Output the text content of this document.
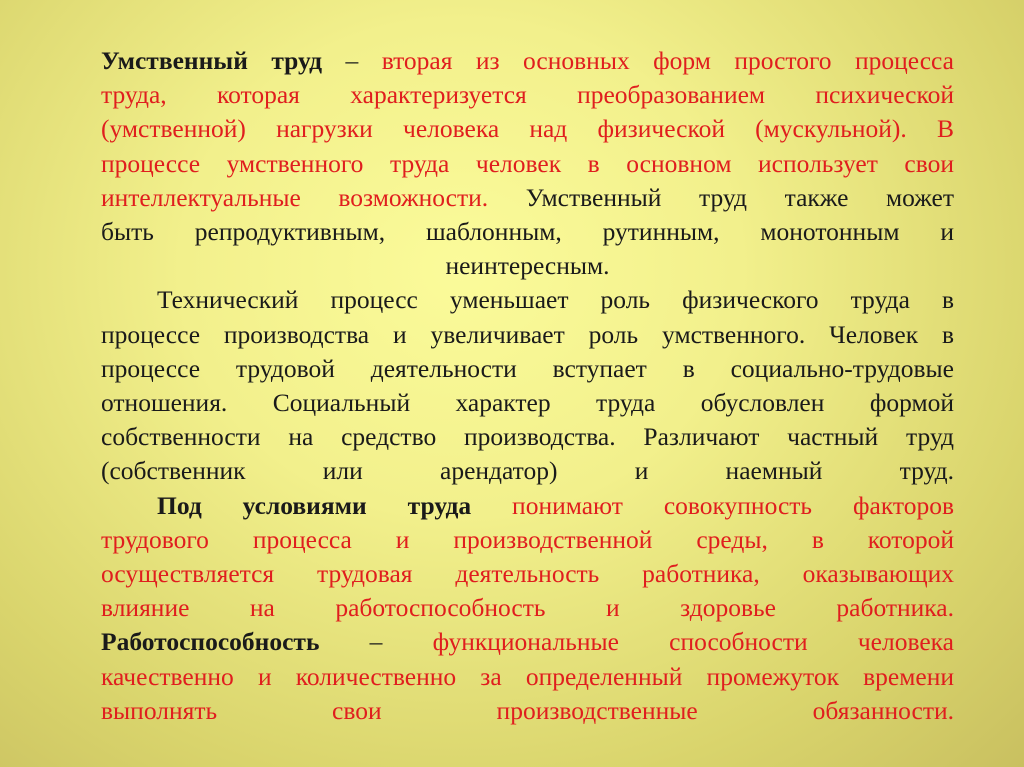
Умственный труд – вторая из основных форм простого процесса
труда, которая характеризуется преобразованием психической
(умственной) нагрузки человека над физической (мускульной). В
процессе умственного труда человек в основном использует свои
интеллектуальные возможности. Умственный труд также может
быть репродуктивным, шаблонным, рутинным, монотонным и
неинтересным.
Технический процесс уменьшает роль физического труда в
процессе производства и увеличивает роль умственного. Человек в
процессе трудовой деятельности вступает в социально-трудовые
отношения. Социальный характер труда обусловлен формой
собственности на средство производства. Различают частный труд
(собственник или арендатор) и наемный труд.
Под условиями труда понимают совокупность факторов
трудового процесса и производственной среды, в которой
осуществляется трудовая деятельность работника, оказывающих
влияние на работоспособность и здоровье работника.
Работоспособность – функциональные способности человека
качественно и количественно за определенный промежуток времени
выполнять свои производственные обязанности.
